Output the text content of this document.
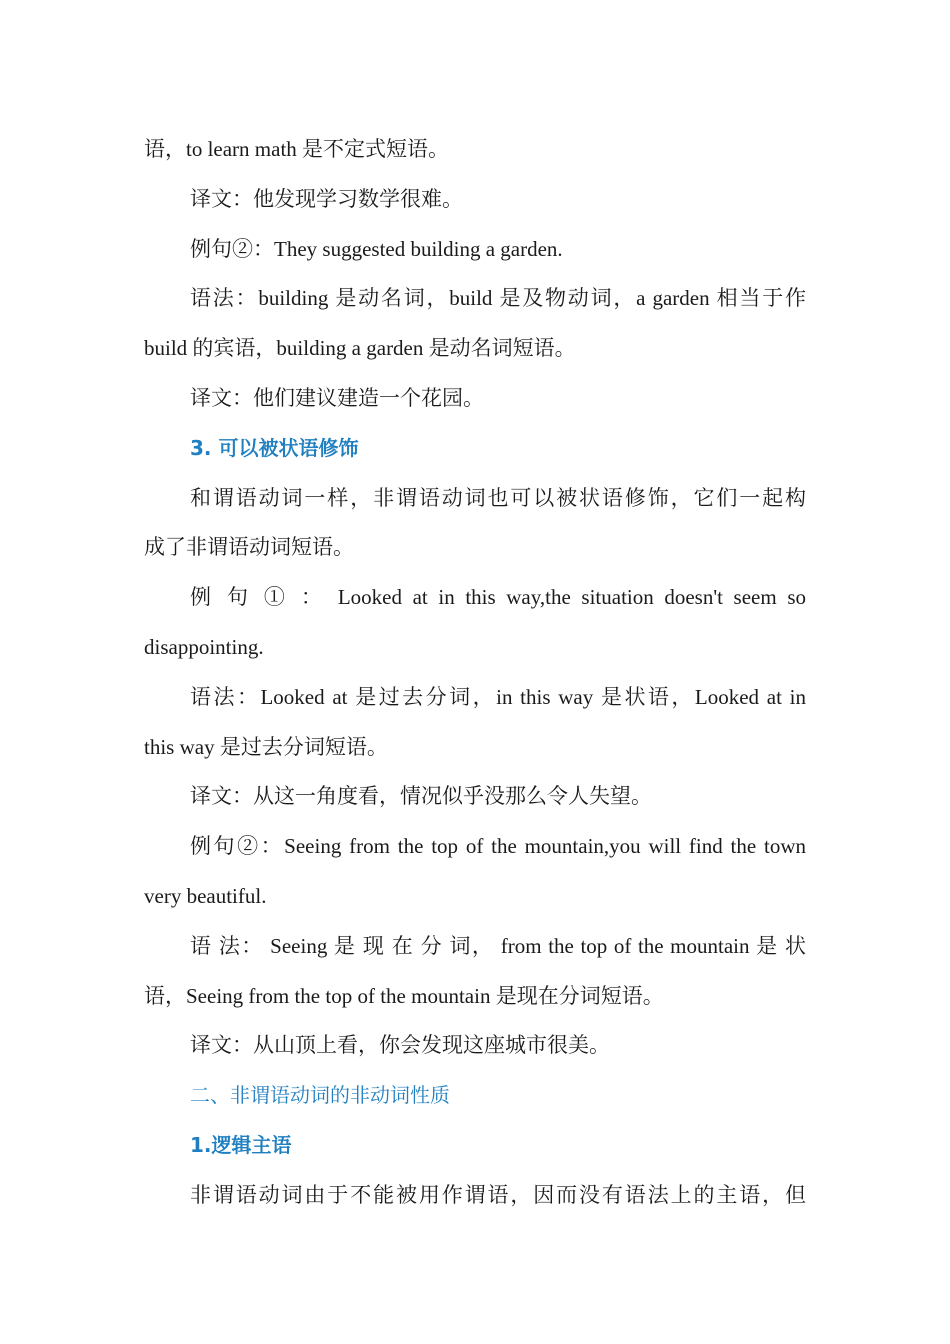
语，to learn math 是不定式短语。
译文：他发现学习数学很难。
例句②：They suggested building a garden.
语法：building 是动名词，build 是及物动词，a garden 相当于作
build 的宾语，building a garden 是动名词短语。
译文：他们建议建造一个花园。
3. 可以被状语修饰
和谓语动词一样，非谓语动词也可以被状语修饰，它们一起构
成了非谓语动词短语。
例 句 ① ： Looked at in this way,the situation doesn't seem so
disappointing.
语法：Looked at 是过去分词，in this way 是状语，Looked at in
this way 是过去分词短语。
译文：从这一角度看，情况似乎没那么令人失望。
例句②：Seeing from the top of the mountain,you will find the town
very beautiful.
语 法： Seeing 是 现 在 分 词， from the top of the mountain 是 状
语，Seeing from the top of the mountain 是现在分词短语。
译文：从山顶上看，你会发现这座城市很美。
二、非谓语动词的非动词性质
1.逻辑主语
非谓语动词由于不能被用作谓语，因而没有语法上的主语，但
